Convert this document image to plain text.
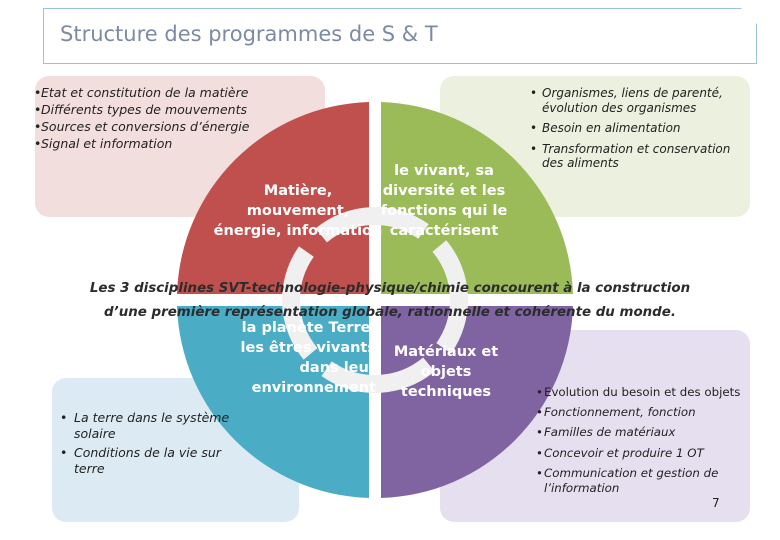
Structure des programmes de S & T
Matière, mouvement, énergie, information
le vivant, sa diversité et les fonctions qui le caractérisent
la planète Terre, les êtres vivants dans leur environnement
Matériaux et objets techniques
• Etat et constitution de la matière
• Différents types de mouvements
• Sources et conversions d’énergie
• Signal et information
• Organismes, liens de parenté, évolution des organismes
• Besoin en alimentation
• Transformation et conservation des aliments
• La terre dans le système solaire
• Conditions de la vie sur terre
• Evolution du besoin et des objets
• Fonctionnement, fonction
• Familles de matériaux
• Concevoir et produire 1 OT
• Communication et gestion de l’information
Les 3 disciplines SVT-technologie-physique/chimie concourent à la construction
d’une première représentation globale, rationnelle et cohérente du monde.
7
